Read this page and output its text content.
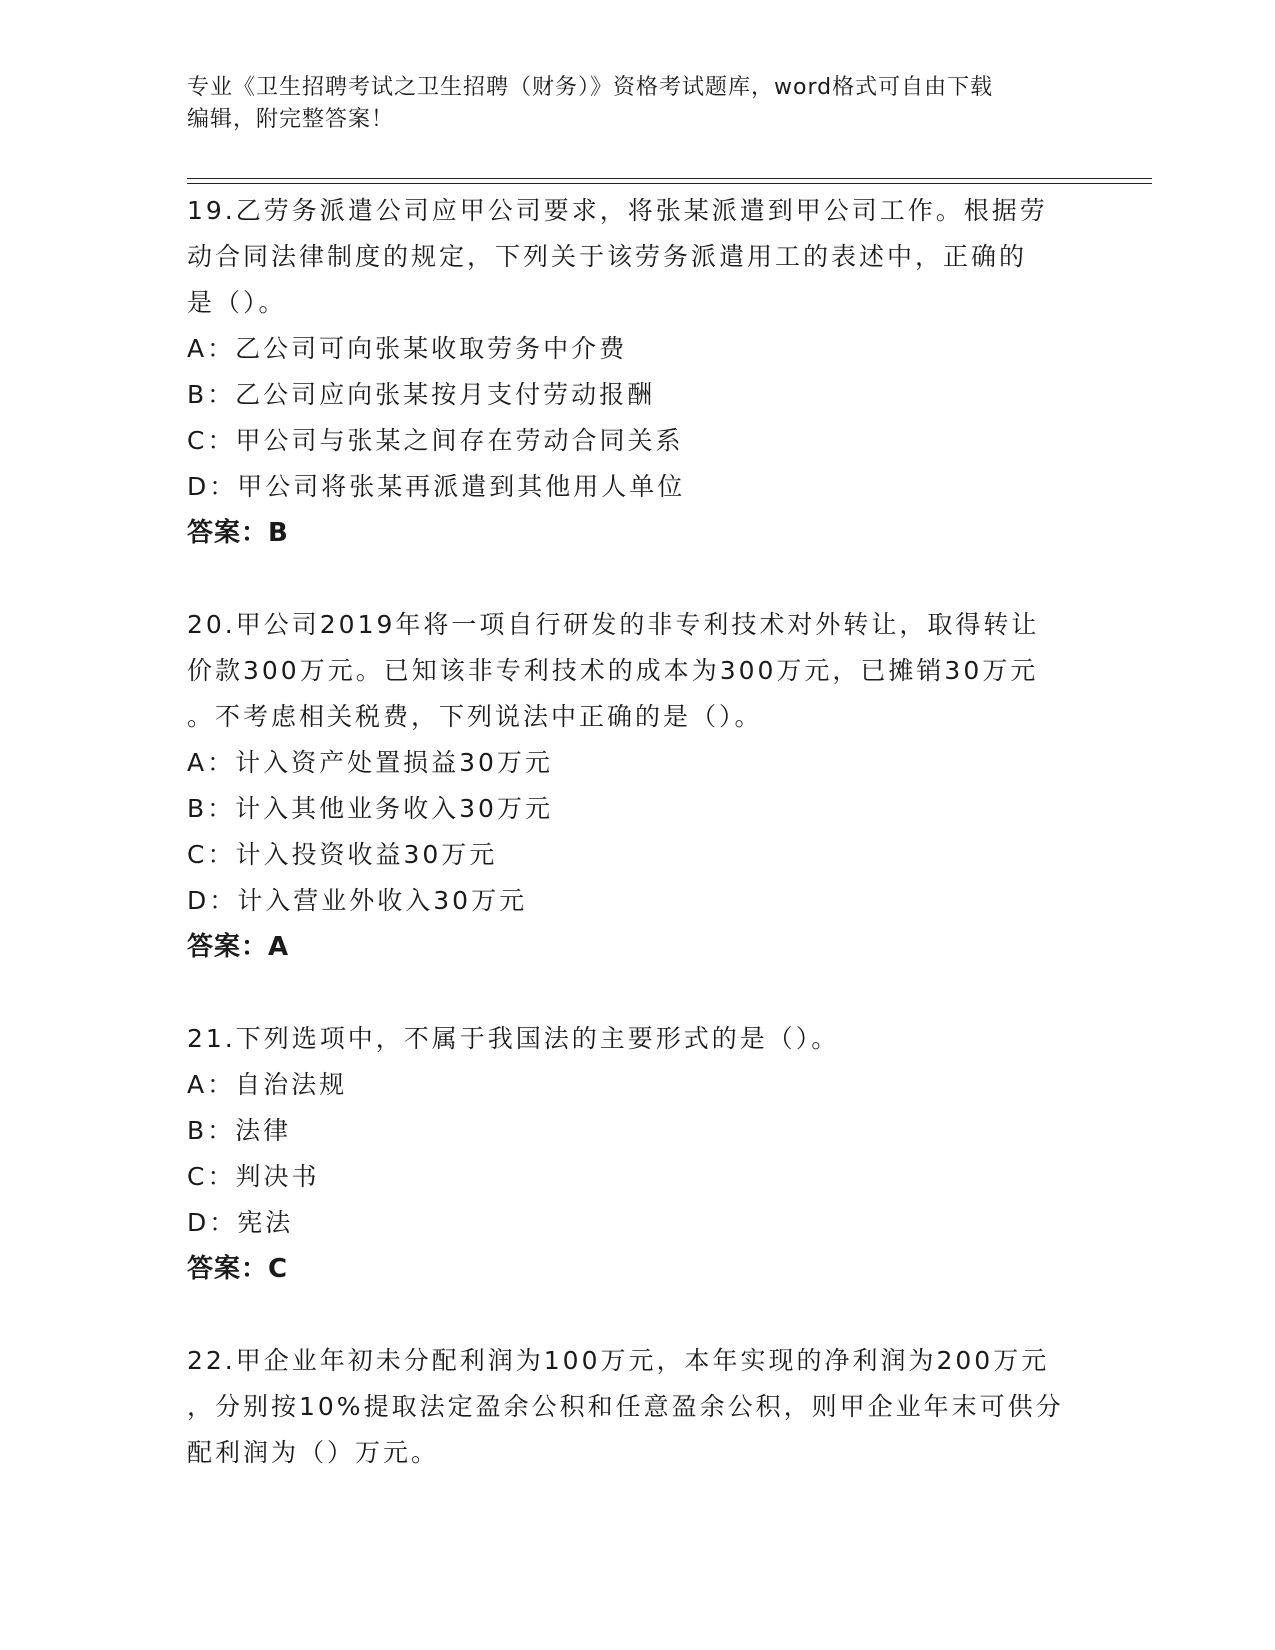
专业《卫生招聘考试之卫生招聘（财务）》资格考试题库，word格式可自由下载
编辑，附完整答案！
19.乙劳务派遣公司应甲公司要求，将张某派遣到甲公司工作。根据劳
动合同法律制度的规定，下列关于该劳务派遣用工的表述中，正确的
是（）。
A：乙公司可向张某收取劳务中介费
B：乙公司应向张某按月支付劳动报酬
C：甲公司与张某之间存在劳动合同关系
D：甲公司将张某再派遣到其他用人单位
答案：B
20.甲公司2019年将一项自行研发的非专利技术对外转让，取得转让
价款300万元。已知该非专利技术的成本为300万元，已摊销30万元
。不考虑相关税费，下列说法中正确的是（）。
A：计入资产处置损益30万元
B：计入其他业务收入30万元
C：计入投资收益30万元
D：计入营业外收入30万元
答案：A
21.下列选项中，不属于我国法的主要形式的是（）。
A：自治法规
B：法律
C：判决书
D：宪法
答案：C
22.甲企业年初未分配利润为100万元，本年实现的净利润为200万元
，分别按10%提取法定盈余公积和任意盈余公积，则甲企业年末可供分
配利润为（）万元。
